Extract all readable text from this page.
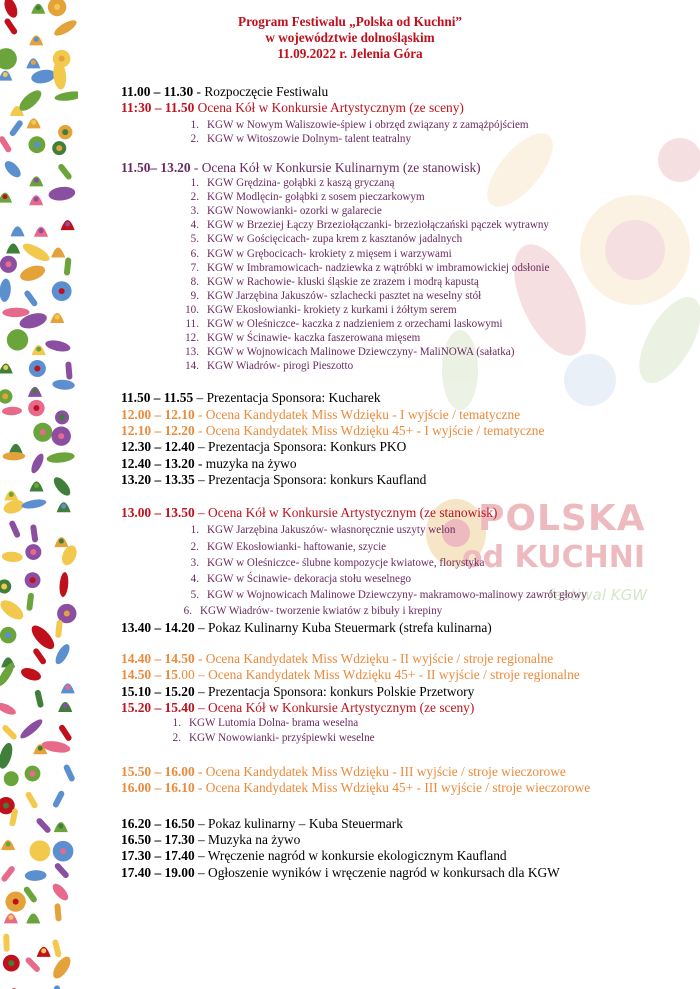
POLSKA
od KUCHNI
festiwal KGW
Program Festiwalu „Polska od Kuchni”
w województwie dolnośląskim
11.09.2022 r. Jelenia Góra
11.00 – 11.30 - Rozpoczęcie Festiwalu
11:30 – 11.50 Ocena Kół w Konkursie Artystycznym (ze sceny)
1. KGW w Nowym Waliszowie-śpiew i obrzęd związany z zamążpójściem
2. KGW w Witoszowie Dolnym- talent teatralny
11.50– 13.20 - Ocena Kół w Konkursie Kulinarnym (ze stanowisk)
1. KGW Grędzina- gołąbki z kaszą gryczaną
2. KGW Modlęcin- gołąbki z sosem pieczarkowym
3. KGW Nowowianki- ozorki w galarecie
4. KGW w Brzeziej Łączy Brzeziołączanki- brzeziołączański pączek wytrawny
5. KGW w Gościęcicach- zupa krem z kasztanów jadalnych
6. KGW w Grębocicach- krokiety z mięsem i warzywami
7. KGW w Imbramowicach- nadziewka z wątróbki w imbramowickiej odsłonie
8. KGW w Rachowie- kluski śląskie ze zrazem i modrą kapustą
9. KGW Jarzębina Jakuszów- szlachecki pasztet na weselny stół
10. KGW Ekosłowianki- krokiety z kurkami i żółtym serem
11. KGW w Oleśniczce- kaczka z nadzieniem z orzechami laskowymi
12. KGW w Ścinawie- kaczka faszerowana mięsem
13. KGW w Wojnowicach Malinowe Dziewczyny- MaliNOWA (sałatka)
14. KGW Wiadrów- pirogi Pieszotto
11.50 – 11.55 – Prezentacja Sponsora: Kucharek
12.00 – 12.10 - Ocena Kandydatek Miss Wdzięku - I wyjście / tematyczne
12.10 – 12.20 - Ocena Kandydatek Miss Wdzięku 45+ - I wyjście / tematyczne
12.30 – 12.40 – Prezentacja Sponsora: Konkurs PKO
12.40 – 13.20 - muzyka na żywo
13.20 – 13.35 – Prezentacja Sponsora: konkurs Kaufland
13.00 – 13.50 – Ocena Kół w Konkursie Artystycznym (ze stanowisk)
1. KGW Jarzębina Jakuszów- własnoręcznie uszyty welon
2. KGW Ekosłowianki- haftowanie, szycie
3. KGW w Oleśniczce- ślubne kompozycje kwiatowe, florystyka
4. KGW w Ścinawie- dekoracja stołu weselnego
5. KGW w Wojnowicach Malinowe Dziewczyny- makramowo-malinowy zawrót głowy
6. KGW Wiadrów- tworzenie kwiatów z bibuły i krepiny
13.40 – 14.20 – Pokaz Kulinarny Kuba Steuermark (strefa kulinarna)
14.40 – 14.50 - Ocena Kandydatek Miss Wdzięku - II wyjście / stroje regionalne
14.50 – 15.00 – Ocena Kandydatek Miss Wdzięku 45+ - II wyjście / stroje regionalne
15.10 – 15.20 – Prezentacja Sponsora: konkurs Polskie Przetwory
15.20 – 15.40 – Ocena Kół w Konkursie Artystycznym (ze sceny)
1. KGW Lutomia Dolna- brama weselna
2. KGW Nowowianki- przyśpiewki weselne
15.50 – 16.00 - Ocena Kandydatek Miss Wdzięku - III wyjście / stroje wieczorowe
16.00 – 16.10 - Ocena Kandydatek Miss Wdzięku 45+ - III wyjście / stroje wieczorowe
16.20 – 16.50 – Pokaz kulinarny – Kuba Steuermark
16.50 – 17.30 – Muzyka na żywo
17.30 – 17.40 – Wręczenie nagród w konkursie ekologicznym Kaufland
17.40 – 19.00 – Ogłoszenie wyników i wręczenie nagród w konkursach dla KGW
